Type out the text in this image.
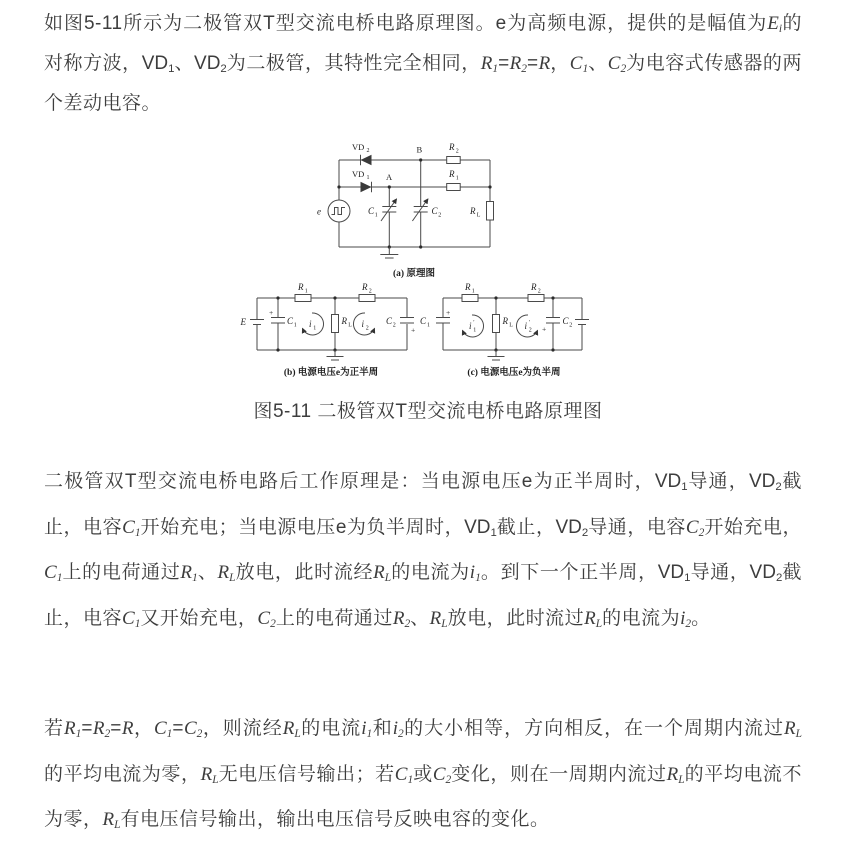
如图5-11所示为二极管双T型交流电桥电路原理图。e为高频电源，提供的是幅值为$E_i$的对称方波，$VD_1$、$VD_2$为二极管，其特性完全相同，$R_1=R_2=R$，$C_1$、$C_2$为电容式传感器的两个差动电容。

e
VD 2
VD 1 A
B	R 2
R 1
R L
C 1	C 2
(a) 原理图
E
+
C 1
R 1	R 2
i 1
R L i 2	+
C 2
(b) 电源电压e为正半周
+
C 1
R 1	R 2
i 1
′	R L i 2
′
+
C 2
(c) 电源电压e为负半周

图5-11 二极管双T型交流电桥电路原理图

二极管双T型交流电桥电路后工作原理是：当电源电压e为正半周时，$VD_1$导通，$VD_2$截止，电容$C_1$开始充电；当电源电压e为负半周时，$VD_1$截止，$VD_2$导通，电容$C_2$开始充电，$C_1$上的电荷通过$R_1$、$R_L$放电，此时流经$R_L$的电流为$i_1$。到下一个正半周，$VD_1$导通，$VD_2$截止，电容$C_1$又开始充电，$C_2$上的电荷通过$R_2$、$R_L$放电，此时流过$R_L$的电流为$i_2$。

若$R_1=R_2=R$，$C_1=C_2$，则流经$R_L$的电流$i_1$和$i_2$的大小相等，方向相反，在一个周期内流过$R_L$的平均电流为零，$R_L$无电压信号输出；若$C_1$或$C_2$变化，则在一周期内流过$R_L$的平均电流不为零，$R_L$有电压信号输出，输出电压信号反映电容的变化。
